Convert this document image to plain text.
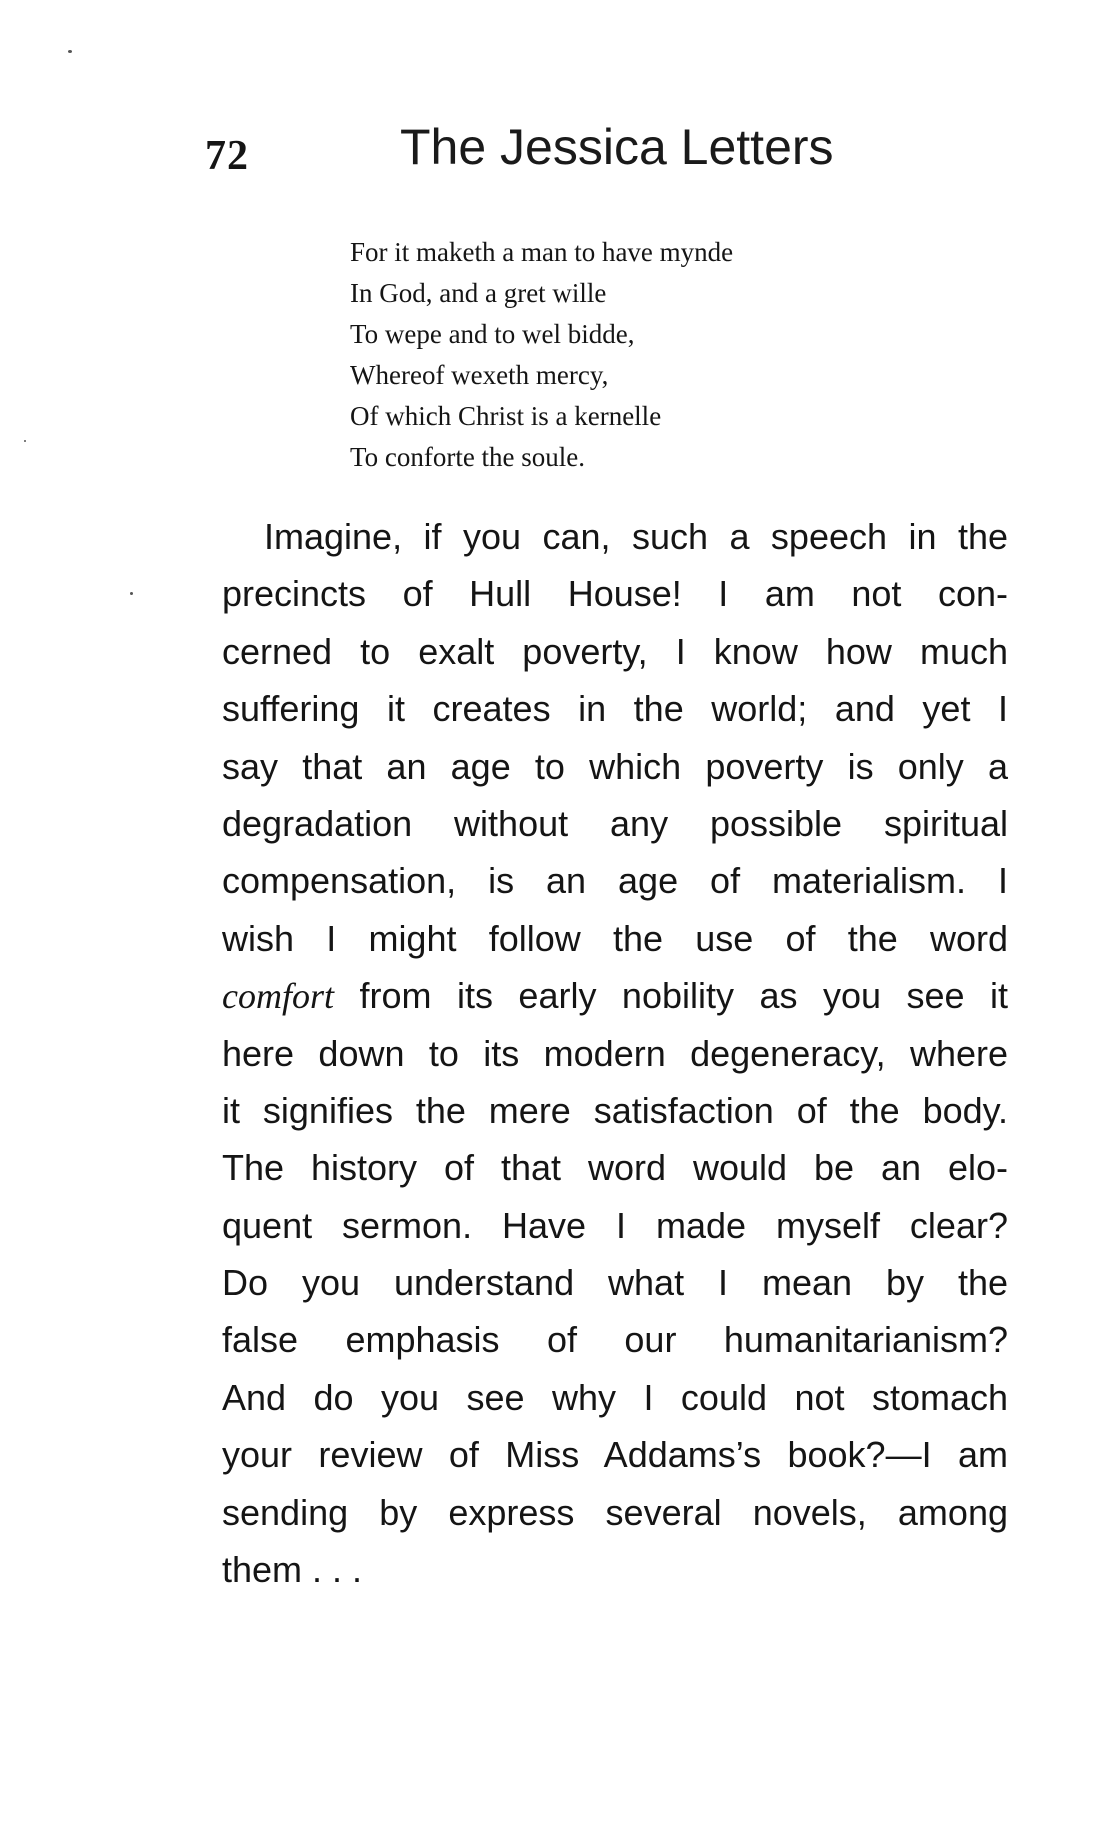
72	The Jessica Letters
For it maketh a man to have mynde
In God, and a gret wille
To wepe and to wel bidde,
Whereof wexeth mercy,
Of which Christ is a kernelle
To conforte the soule.
Imagine, if you can, such a speech in the
precincts of Hull House! I am not con-
cerned to exalt poverty, I know how much
suffering it creates in the world; and yet I
say that an age to which poverty is only a
degradation without any possible spiritual
compensation, is an age of materialism. I
wish I might follow the use of the word
comfort from its early nobility as you see it
here down to its modern degeneracy, where
it signifies the mere satisfaction of the body.
The history of that word would be an elo-
quent sermon. Have I made myself clear?
Do you understand what I mean by the
false emphasis of our humanitarianism?
And do you see why I could not stomach
your review of Miss Addams’s book?—I am
sending by express several novels, among
them . . .
